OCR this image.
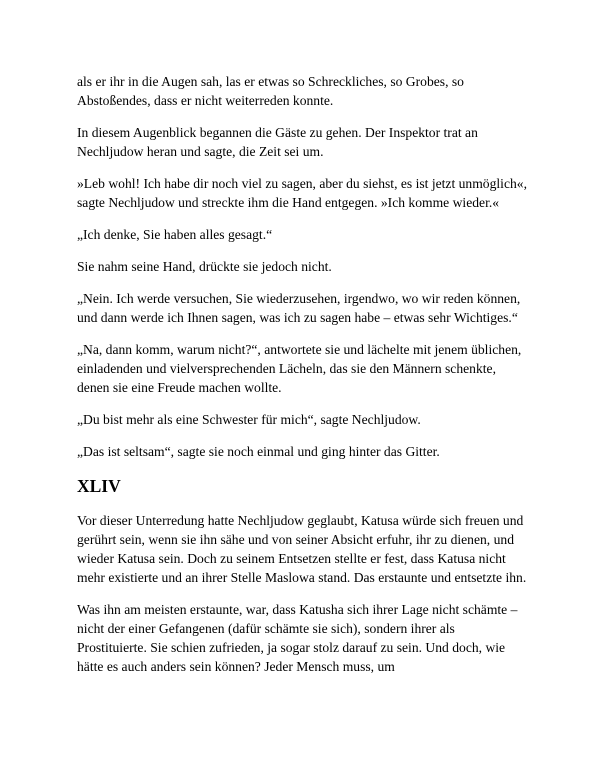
als er ihr in die Augen sah, las er etwas so Schreckliches, so Grobes, so Abstoßendes, dass er nicht weiterreden konnte.

In diesem Augenblick begannen die Gäste zu gehen. Der Inspektor trat an Nechljudow heran und sagte, die Zeit sei um.

»Leb wohl! Ich habe dir noch viel zu sagen, aber du siehst, es ist jetzt unmöglich«, sagte Nechljudow und streckte ihm die Hand entgegen. »Ich komme wieder.«

„Ich denke, Sie haben alles gesagt.“

Sie nahm seine Hand, drückte sie jedoch nicht.

„Nein. Ich werde versuchen, Sie wiederzusehen, irgendwo, wo wir reden können, und dann werde ich Ihnen sagen, was ich zu sagen habe – etwas sehr Wichtiges.“

„Na, dann komm, warum nicht?“, antwortete sie und lächelte mit jenem üblichen, einladenden und vielversprechenden Lächeln, das sie den Männern schenkte, denen sie eine Freude machen wollte.

„Du bist mehr als eine Schwester für mich“, sagte Nechljudow.

„Das ist seltsam“, sagte sie noch einmal und ging hinter das Gitter.

XLIV

Vor dieser Unterredung hatte Nechljudow geglaubt, Katusa würde sich freuen und gerührt sein, wenn sie ihn sähe und von seiner Absicht erfuhr, ihr zu dienen, und wieder Katusa sein. Doch zu seinem Entsetzen stellte er fest, dass Katusa nicht mehr existierte und an ihrer Stelle Maslowa stand. Das erstaunte und entsetzte ihn.

Was ihn am meisten erstaunte, war, dass Katusha sich ihrer Lage nicht schämte – nicht der einer Gefangenen (dafür schämte sie sich), sondern ihrer als Prostituierte. Sie schien zufrieden, ja sogar stolz darauf zu sein. Und doch, wie hätte es auch anders sein können? Jeder Mensch muss, um
